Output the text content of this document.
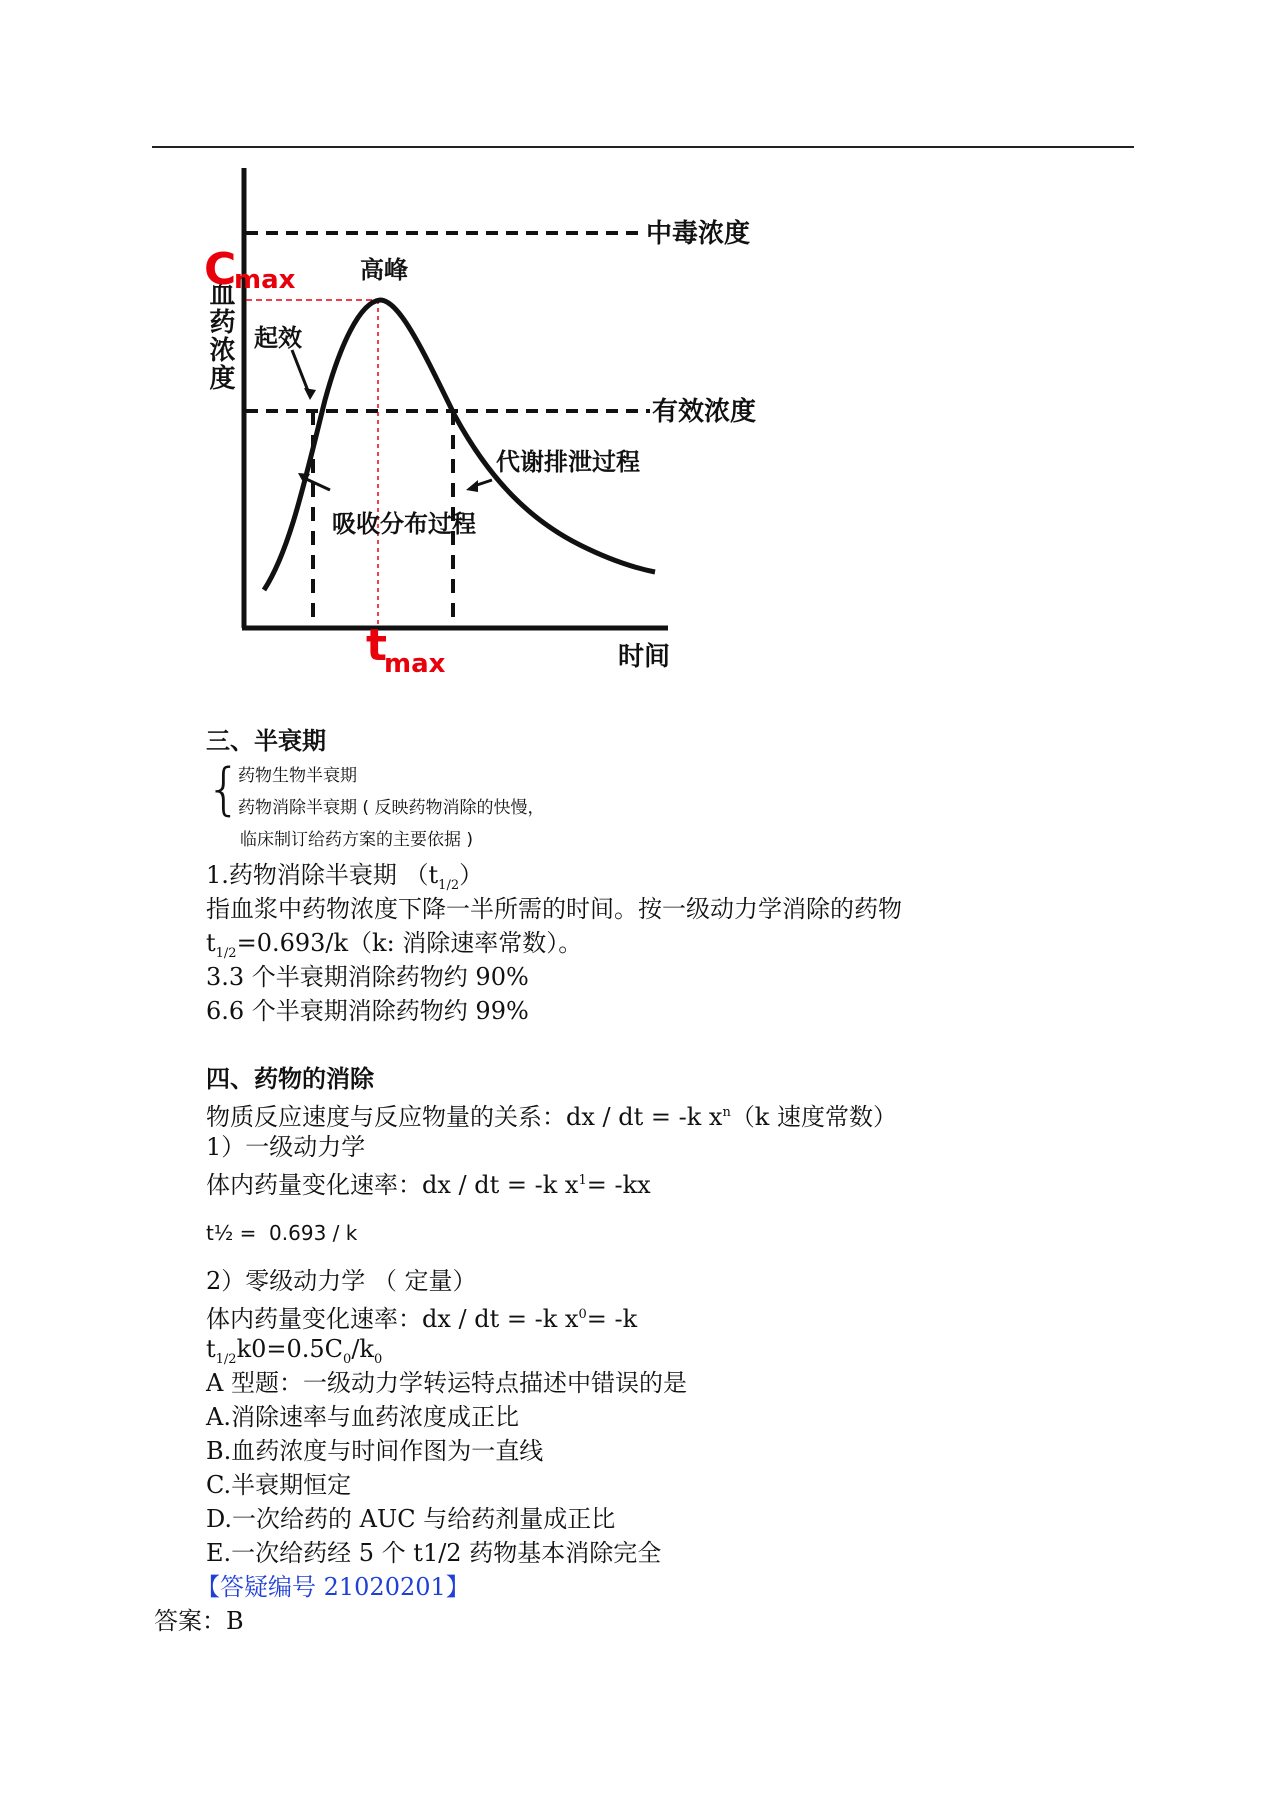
血药浓度
C
max	高峰
中毒浓度
起效
有效浓度
代谢排泄过程
吸收分布过程
t
max	时间
三、半衰期
{
药物生物半衰期
药物消除半衰期 ( 反映药物消除的快慢，
临床制订给药方案的主要依据 )
1.药物消除半衰期 $(t_{1/2})$
指血浆中药物浓度下降一半所需的时间。按一级动力学消除的药物
$t_{1/2}=0.693/k(k$: 消除速率常数）。
3.3 个半衰期消除药物约 90%
6.6 个半衰期消除药物约 99%
四、药物的消除
物质反应速度与反应物量的关系：dx / dt = -k $x^n(k$ 速度常数）
1）一级动力学
体内药量变化速率：dx / dt = -k $x^1= -kx$
t½ =  0.693 / k
2）零级动力学 （ 定量）
体内药量变化速率：dx / dt = -k $x^0= -k$
$t_{1/2}k0=0.5C_0/k_0$
A 型题：一级动力学转运特点描述中错误的是
A.消除速率与血药浓度成正比
B.血药浓度与时间作图为一直线
C.半衰期恒定
D.一次给药的 AUC 与给药剂量成正比
E.一次给药经 5 个 t1/2 药物基本消除完全
【答疑编号 21020201】
答案：B
